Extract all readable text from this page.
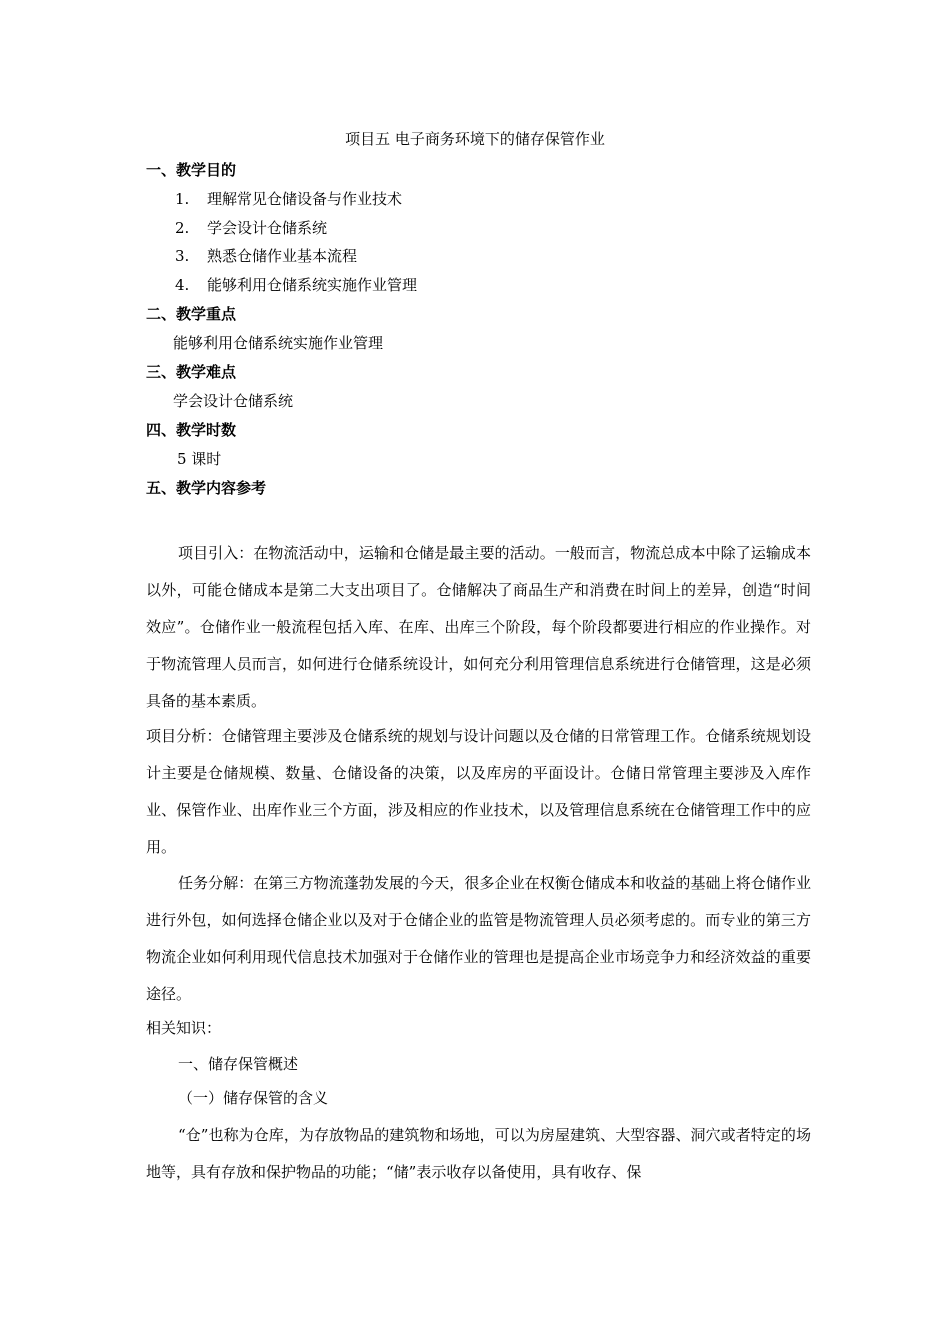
项目五 电子商务环境下的储存保管作业
一、教学目的
1. 理解常见仓储设备与作业技术
2. 学会设计仓储系统
3. 熟悉仓储作业基本流程
4. 能够利用仓储系统实施作业管理
二、教学重点
能够利用仓储系统实施作业管理
三、教学难点
学会设计仓储系统
四、教学时数
5 课时
五、教学内容参考
项目引入：在物流活动中，运输和仓储是最主要的活动。一般而言，物流总成本中除了运输成本以外，可能仓储成本是第二大支出项目了。仓储解决了商品生产和消费在时间上的差异，创造“时间效应”。仓储作业一般流程包括入库、在库、出库三个阶段，每个阶段都要进行相应的作业操作。对于物流管理人员而言，如何进行仓储系统设计，如何充分利用管理信息系统进行仓储管理，这是必须具备的基本素质。
项目分析：仓储管理主要涉及仓储系统的规划与设计问题以及仓储的日常管理工作。仓储系统规划设计主要是仓储规模、数量、仓储设备的决策，以及库房的平面设计。仓储日常管理主要涉及入库作业、保管作业、出库作业三个方面，涉及相应的作业技术，以及管理信息系统在仓储管理工作中的应用。
任务分解：在第三方物流蓬勃发展的今天，很多企业在权衡仓储成本和收益的基础上将仓储作业进行外包，如何选择仓储企业以及对于仓储企业的监管是物流管理人员必须考虑的。而专业的第三方物流企业如何利用现代信息技术加强对于仓储作业的管理也是提高企业市场竞争力和经济效益的重要途径。
相关知识：
一、储存保管概述
（一）储存保管的含义
“仓”也称为仓库，为存放物品的建筑物和场地，可以为房屋建筑、大型容器、洞穴或者特定的场地等，具有存放和保护物品的功能；“储”表示收存以备使用，具有收存、保
